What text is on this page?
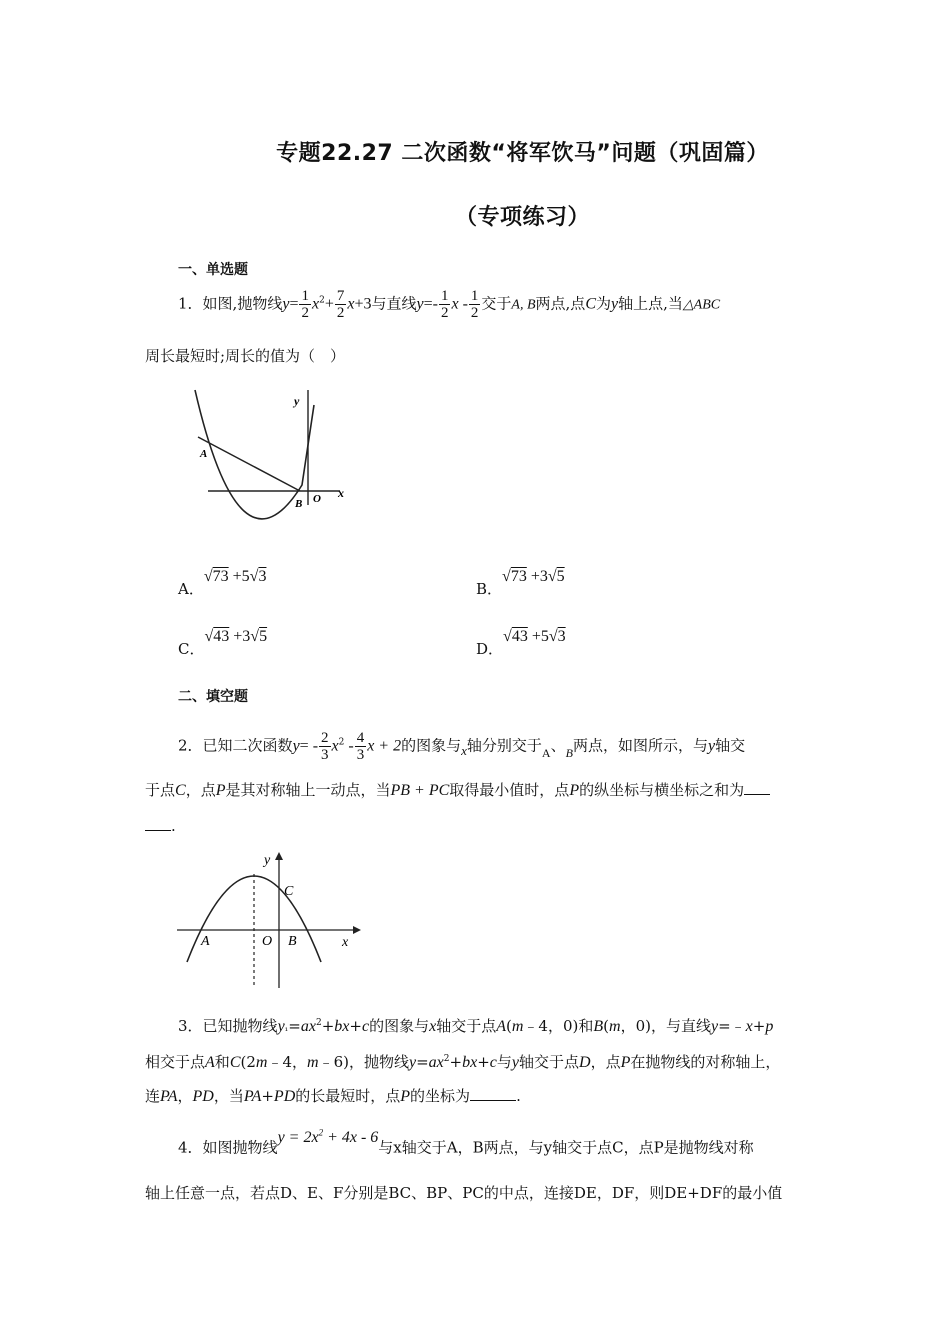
专题22.27 二次函数“将军饮马”问题（巩固篇）
（专项练习）
一、单选题
1．如图,抛物线$y= \frac{1}{2} x^2+ \frac{7}{2} x+3$与直线$y=- \frac{1}{2}$ x - $\frac{1}{2}$ 交于A, B两点,点C为y轴上点,当△ABC
周长最短时;周长的值为（　）
y
x
A
B O
A．√73 +5√3
B．√73 +3√5
C．√43 +3√5
D．√43 +5√3
二、填空题
2．已知二次函数$y= - \frac{2}{3} x^2 - \frac{4}{3}$ x + 2的图象与x轴分别交于$_A$、$_B$两点，如图所示，与y轴交
于点C，点P是其对称轴上一动点，当PB + PC取得最小值时，点P的纵坐标与横坐标之和为
.
y
x
A	B
O
C
3．已知抛物线$y_1=ax^2+bx+c$的图象与x轴交于点A(m﹣4，0)和B(m，0)，与直线y=﹣x+p
相交于点A和C(2m﹣4，m﹣6)，抛物线$y=ax^2+bx+c$与y轴交于点D，点P在抛物线的对称轴上，
连PA，PD，当PA+PD的长最短时，点P的坐标为	.
4．如图抛物线$y = 2x^2 + 4x - 6$与x轴交于A，B两点，与y轴交于点C，点P是抛物线对称
轴上任意一点，若点D、E、F分别是BC、BP、PC的中点，连接DE，DF，则DE+DF的最小值
